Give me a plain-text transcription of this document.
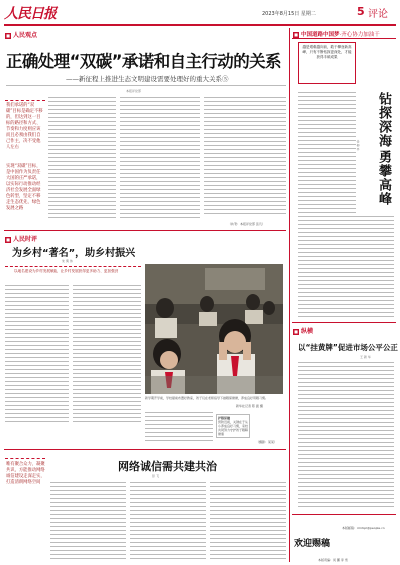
人民日报	2023年8月15日 星期二	5 评论
■ 人民观点
正确处理“双碳”承诺和自主行动的关系
——新征程上推进生态文明建设需要处理好的重大关系⑤
本报评论部
我们承诺的“双碳”目标是确定不移的，但达到这一目标的路径和方式、节奏和力度则应该而且必须由我们自己作主，决不受他人左右
实现“双碳”目标，是中国作为负责任大国的庄严承诺，以实际行动推动经济社会发展全面绿色转型，坚定不移走生态优先、绿色发展之路
（执笔：本报评论部 张凡）
■ 人民时评
为乡村“著名”，助乡村振兴
朱 隽 伟
以地名建设为乡村发展赋能，让乡村发展获得更多助力、更加强劲
新学期开学前，学校提前布置好教室，孩子们在老师指导下做眼保健操，养成良好用眼习惯。
新华社记者 陈 振 摄
护眼保健
预防近视，关键在于从小养成良好习惯，家校共同努力守护孩子眼睛健康
（摄影：某某）
网络诚信需共建共治
彭 飞
唯有聚合众力、凝聚共识，方能推动网络诚信建设走深走实，打造清朗网络空间
■ 中国道路中国梦·齐心协力加油干
越是艰难越向前，敢于攀登新高峰，只有不断钻探更深处，才能获得丰硕成果
钻探深海
勇攀高峰
任 仲 平
■ 纵横
以“挂黄牌”促进市场公平公正
王 新 华
欢迎赐稿
本版邮箱：rmrbpl@people.cn
本版责编：何 鹏 李 雪
